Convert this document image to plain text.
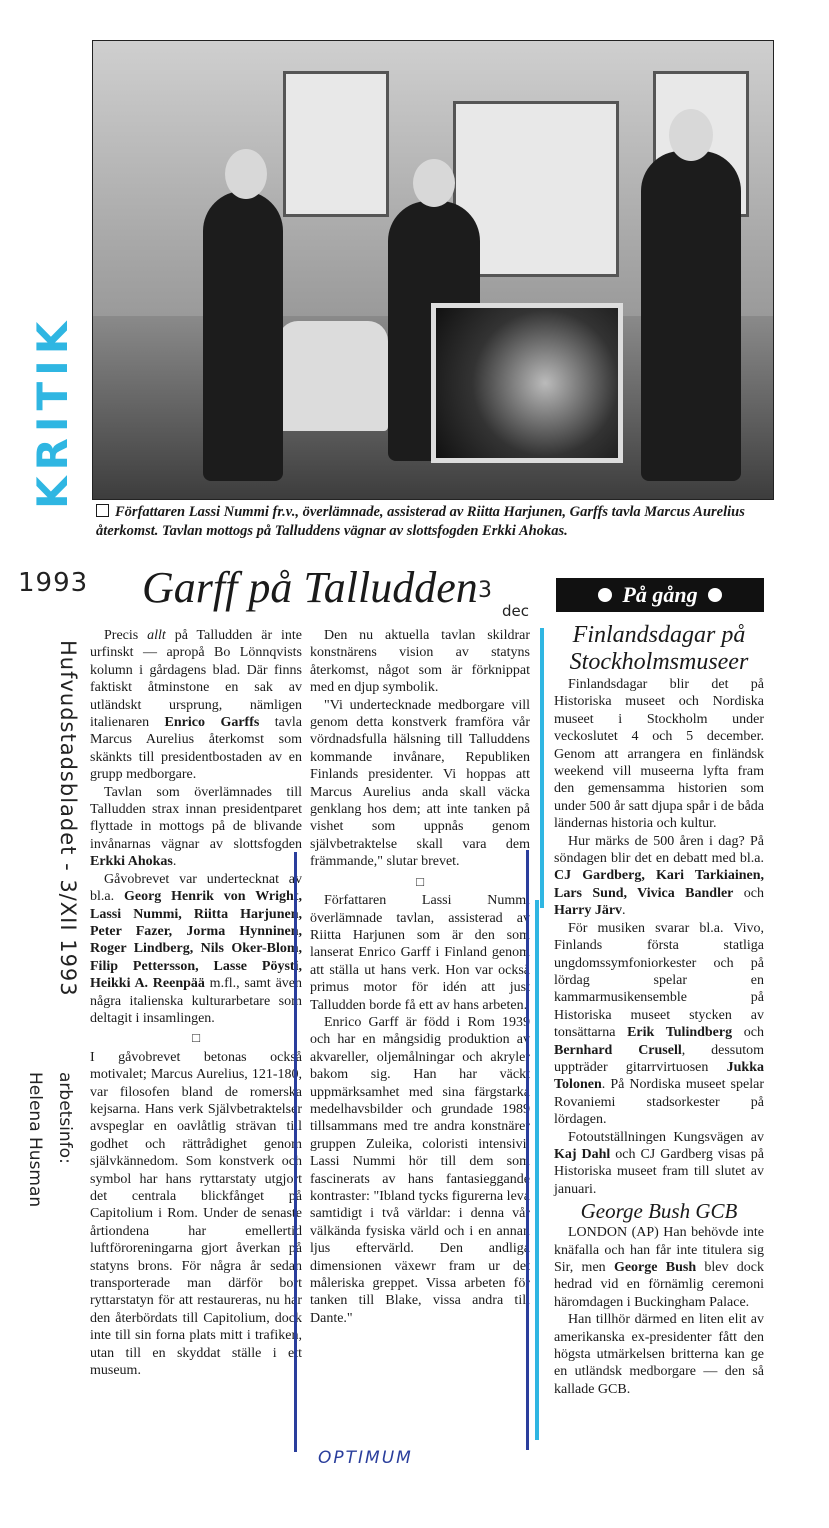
Författaren Lassi Nummi fr.v., överlämnade, assisterad av Riitta Harjunen, Garffs tavla Marcus Aurelius återkomst. Tavlan mottogs på Talluddens vägnar av slottsfogden Erkki Ahokas.
KRITIK
1993 Garff på Talludden 3
dec
Hufvudstadsbladet - 3/XII 1993
arbetsinfo:
Helena Husman

Precis allt på Talludden är inte urfinskt — apropå Bo Lönnqvists kolumn i gårdagens blad. Där finns faktiskt åtminstone en sak av utländskt ursprung, nämligen italienaren Enrico Garffs tavla Marcus Aurelius återkomst som skänkts till presidentbostaden av en grupp medborgare.

Tavlan som överlämnades till Talludden strax innan presidentparet flyttade in mottogs på de blivande invånarnas vägnar av slottsfogden Erkki Ahokas.

Gåvobrevet var undertecknat av bl.a. Georg Henrik von Wright, Lassi Nummi, Riitta Harjunen, Peter Fazer, Jorma Hynninen, Roger Lindberg, Nils Oker-Blom, Filip Pettersson, Lasse Pöysti, Heikki A. Reenpää m.fl., samt även några italienska kulturarbetare som deltagit i insamlingen.

□

I gåvobrevet betonas också motivalet; Marcus Aurelius, 121-180, var filosofen bland de romerska kejsarna. Hans verk Självbetraktelser avspeglar en oavlåtlig strävan till godhet och rättrådighet genom självkännedom. Som konstverk och symbol har hans ryttarstaty utgjort det centrala blickfånget på Capitolium i Rom. Under de senaste årtiondena har emellertid luftföroreningarna gjort åverkan på statyns brons. För några år sedan transporterade man därför bort ryttarstatyn för att restaureras, nu har den återbördats till Capitolium, dock inte till sin forna plats mitt i trafiken, utan till en skyddat ställe i ett museum.

Den nu aktuella tavlan skildrar konstnärens vision av statyns återkomst, något som är förknippat med en djup symbolik.

"Vi undertecknade medborgare vill genom detta konstverk framföra vår vördnadsfulla hälsning till Talluddens kommande invånare, Republiken Finlands presidenter. Vi hoppas att Marcus Aurelius anda skall väcka genklang hos dem; att inte tanken på vishet som uppnås genom självbetraktelse skall vara dem främmande," slutar brevet.

□

Författaren Lassi Nummi överlämnade tavlan, assisterad av Riitta Harjunen som är den som lanserat Enrico Garff i Finland genom att ställa ut hans verk. Hon var också primus motor för idén att just Talludden borde få ett av hans arbeten.

Enrico Garff är född i Rom 1939 och har en mångsidig produktion av akvareller, oljemålningar och akryler bakom sig. Han har väckt uppmärksamhet med sina färgstarka medelhavsbilder och grundade 1989 tillsammans med tre andra konstnärer gruppen Zuleika, coloristi intensivi. Lassi Nummi hör till dem som fascinerats av hans fantasieggande kontraster: "Ibland tycks figurerna leva samtidigt i två världar: i denna vår välkända fysiska värld och i en annan ljus eftervärld. Den andliga dimensionen växewr fram ur det måleriska greppet. Vissa arbeten för tanken till Blake, vissa andra till Dante."

OPTIMUM
På gång

Finlandsdagar på Stockholmsmuseer

Finlandsdagar blir det på Historiska museet och Nordiska museet i Stockholm under veckoslutet 4 och 5 december. Genom att arrangera en finländsk weekend vill museerna lyfta fram den gemensamma historien som under 500 år satt djupa spår i de båda ländernas historia och kultur.

Hur märks de 500 åren i dag? På söndagen blir det en debatt med bl.a. CJ Gardberg, Kari Tarkiainen, Lars Sund, Vivica Bandler och Harry Järv.

För musiken svarar bl.a. Vivo, Finlands första statliga ungdomssymfoniorkester och på lördag spelar en kammarmusikensemble på Historiska museet stycken av tonsättarna Erik Tulindberg och Bernhard Crusell, dessutom uppträder gitarrvirtuosen Jukka Tolonen. På Nordiska museet spelar Rovaniemi stadsorkester på lördagen.

Fotoutställningen Kungsvägen av Kaj Dahl och CJ Gardberg visas på Historiska museet fram till slutet av januari.

George Bush GCB

LONDON (AP) Han behövde inte knäfalla och han får inte titulera sig Sir, men George Bush blev dock hedrad vid en förnämlig ceremoni häromdagen i Buckingham Palace.

Han tillhör därmed en liten elit av amerikanska ex-presidenter fått den högsta utmärkelsen britterna kan ge en utländsk medborgare — den så kallade GCB.
